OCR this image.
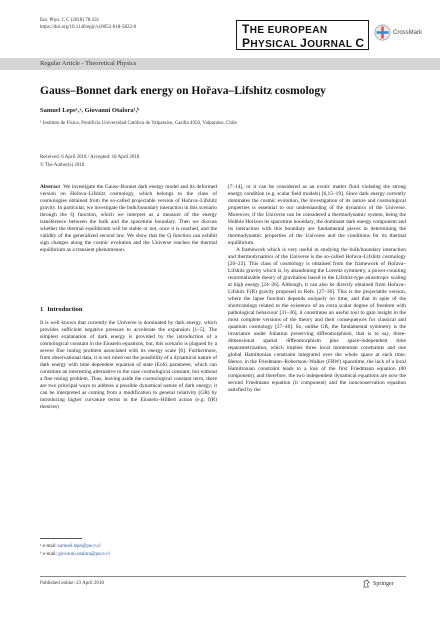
Eur. Phys. J. C (2018) 78:331
https://doi.org/10.1140/epjc/s10052-018-5822-0	THE EUROPEAN
PHYSICAL JOURNAL C
CrossMark
Regular Article - Theoretical Physics
Gauss–Bonnet dark energy on Hořava–Lifshitz cosmology
Samuel Lepe¹,ᵃ, Giovanni Otalora¹,ᵇ
¹ Instituto de Física, Pontificia Universidad Católica de Valparaíso, Casilla 4950, Valparaíso, Chile
Received: 6 April 2018 / Accepted: 18 April 2018
© The Author(s) 2018
Abstract We investigate the Gauss–Bonnet dark energy model and its deformed version on Hořava–Lifshitz cosmology, which belongs to the class of cosmologies obtained from the so-called projectable version of Hořava–Lifshitz gravity. In particular, we investigate the bulk/boundary interaction in this scenario through the Q function, which we interpret as a measure of the energy transference between the bulk and the spacetime boundary. Then we discuss whether the thermal equilibrium will be stable or not, once it is reached, and the validity of the generalized second law. We show that the Q function can exhibit sign changes along the cosmic evolution and the Universe reaches the thermal equilibrium as a transient phenomenon.
1 Introduction
It is well known that currently the Universe is dominated by dark energy, which provides sufficient negative pressure to accelerate the expansion [1–5]. The simplest explanation of dark energy is provided by the introduction of a cosmological constant in the Einstein equations, but, this scenario is plagued by a severe fine tuning problem associated with its energy scale [6]. Furthermore, from observational data, it is not ruled out the possibility of a dynamical nature of dark energy with time dependent equation of state (EoS) parameter, which can constitute an interesting alternative to the case cosmological constant, but without a fine tuning problem. Thus, leaving aside the cosmological constant term, there are two principal ways to address a possible dynamical nature of dark energy; it can be interpreted as coming from a modification to general relativity (GR) by introducing higher curvature terms in the Einstein–Hilbert action (e.g. f(R) theories)
ᵃ e-mail: samuel.lepe@pucv.cl
ᵇ e-mail: giovanni.otalora@pucv.cl

[7–14], or it can be considered as an exotic matter fluid violating the strong energy condition (e.g. scalar field models) [6,15–19]. Since dark energy currently dominates the cosmic evolution, the investigation of its nature and cosmological properties is essential to our understanding of the dynamics of the Universe. Moreover, if the Universe can be considered a thermodynamic system, being the Hubble Horizon its spacetime boundary, the dominant dark energy component and its interaction with this boundary are fundamental pieces in determining the thermodynamic properties of the Universe and the conditions for its thermal equilibrium.

A framework which is very useful in studying the bulk/boundary interaction and thermodynamics of the Universe is the so-called Hořava–Lifshitz cosmology [20–23]. This class of cosmology is obtained from the framework of Hořava–Lifshitz gravity which is, by abandoning the Lorentz symmetry, a power-counting renormalizable theory of gravitation based in the Lifshitz-type anisotropic scaling at high energy [24–26]. Although, it can also be directly obtained from Hořava–Lifshitz F(R) gravity proposed in Refs. [27–30]. This is the projectable version, where the lapse function depends uniquely on time, and that in spite of the shortcomings related to the existence of an extra scalar degree of freedom with pathological behaviour [31–36], it constitutes an useful tool to gain insight in the most complete versions of the theory and their consequences for classical and quantum cosmology [37–46]. So, unlike GR, the fundamental symmetry is the invariance under foliation preserving diffeomorphism, that is to say, three-dimensional spatial diffeomorphism plus space-independent time reparametrization, which implies three local momentum constraints and one global Hamiltonian constraint integrated over the whole space at each time. Hence, in the Friedmann–Robertson–Walker (FRW) spacetime, the lack of a local Hamiltonian constraint leads to a loss of the first Friedmann equation (00 component), and therefore, the two independent dynamical equations are now the second Friedmann equation (ii component) and the nonconservation equation satisfied by the

Published online: 23 April 2018	Springer
